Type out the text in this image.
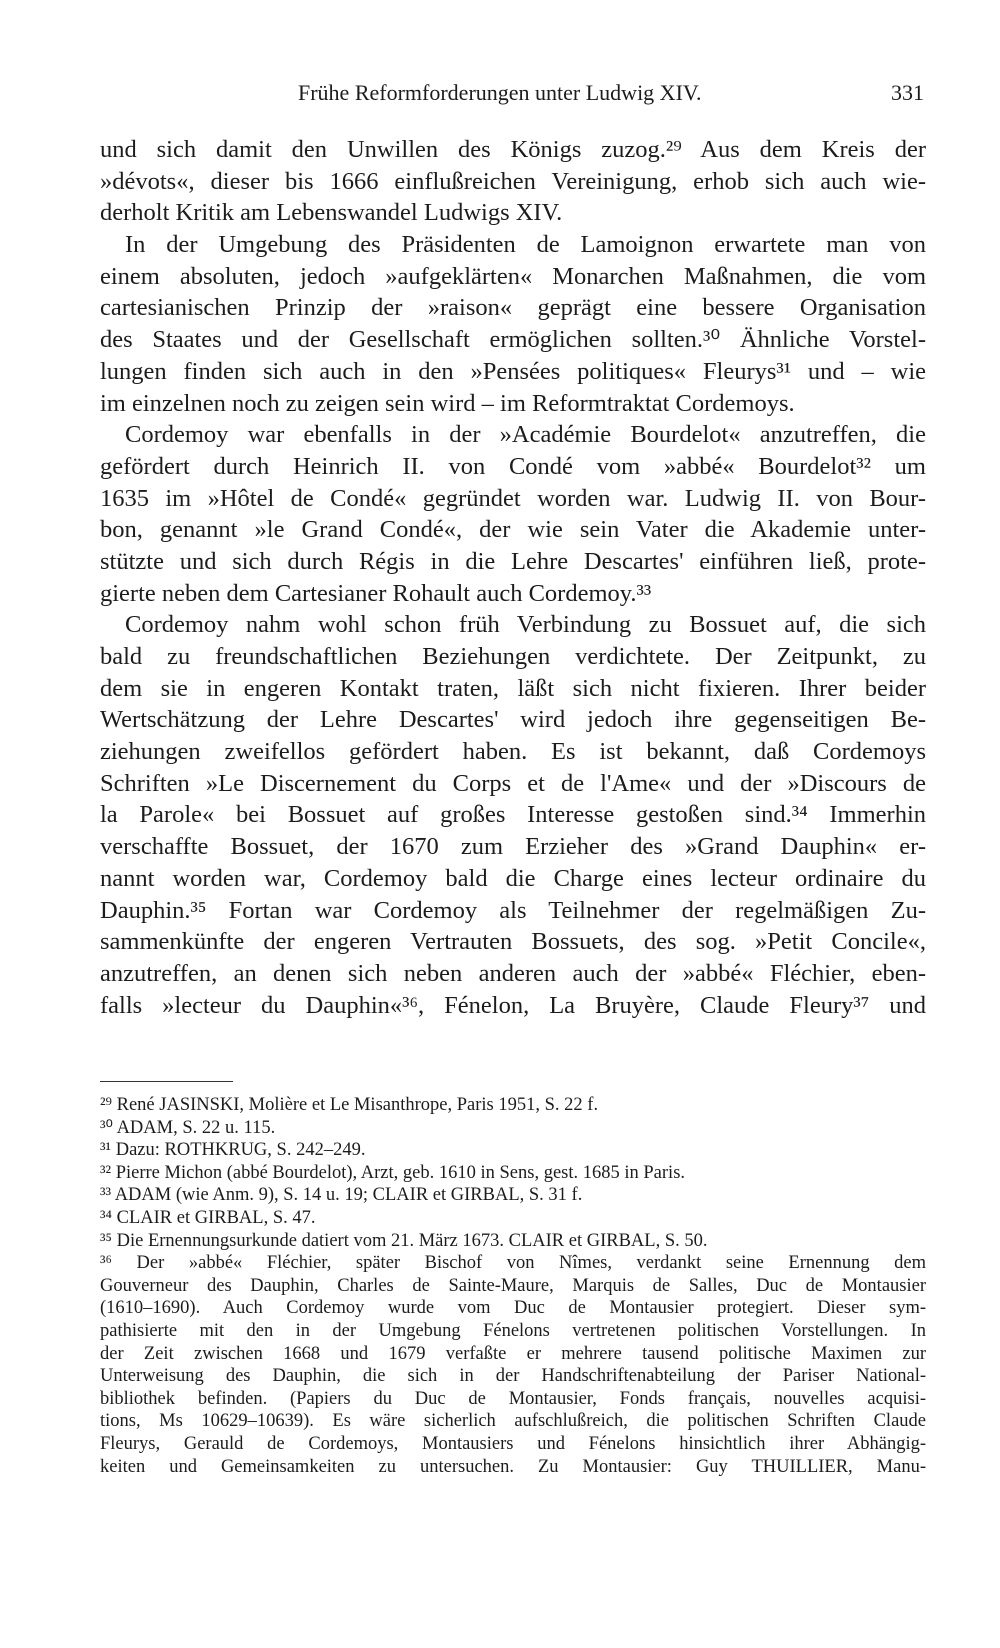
Frühe Reformforderungen unter Ludwig XIV.	331
und sich damit den Unwillen des Königs zuzog.²⁹ Aus dem Kreis der
»dévots«, dieser bis 1666 einflußreichen Vereinigung, erhob sich auch wie-
derholt Kritik am Lebenswandel Ludwigs XIV.
In der Umgebung des Präsidenten de Lamoignon erwartete man von
einem absoluten, jedoch »aufgeklärten« Monarchen Maßnahmen, die vom
cartesianischen Prinzip der »raison« geprägt eine bessere Organisation
des Staates und der Gesellschaft ermöglichen sollten.³⁰ Ähnliche Vorstel-
lungen finden sich auch in den »Pensées politiques« Fleurys³¹ und – wie
im einzelnen noch zu zeigen sein wird – im Reformtraktat Cordemoys.
Cordemoy war ebenfalls in der »Académie Bourdelot« anzutreffen, die
gefördert durch Heinrich II. von Condé vom »abbé« Bourdelot³² um
1635 im »Hôtel de Condé« gegründet worden war. Ludwig II. von Bour-
bon, genannt »le Grand Condé«, der wie sein Vater die Akademie unter-
stützte und sich durch Régis in die Lehre Descartes' einführen ließ, prote-
gierte neben dem Cartesianer Rohault auch Cordemoy.³³
Cordemoy nahm wohl schon früh Verbindung zu Bossuet auf, die sich
bald zu freundschaftlichen Beziehungen verdichtete. Der Zeitpunkt, zu
dem sie in engeren Kontakt traten, läßt sich nicht fixieren. Ihrer beider
Wertschätzung der Lehre Descartes' wird jedoch ihre gegenseitigen Be-
ziehungen zweifellos gefördert haben. Es ist bekannt, daß Cordemoys
Schriften »Le Discernement du Corps et de l'Ame« und der »Discours de
la Parole« bei Bossuet auf großes Interesse gestoßen sind.³⁴ Immerhin
verschaffte Bossuet, der 1670 zum Erzieher des »Grand Dauphin« er-
nannt worden war, Cordemoy bald die Charge eines lecteur ordinaire du
Dauphin.³⁵ Fortan war Cordemoy als Teilnehmer der regelmäßigen Zu-
sammenkünfte der engeren Vertrauten Bossuets, des sog. »Petit Concile«,
anzutreffen, an denen sich neben anderen auch der »abbé« Fléchier, eben-
falls »lecteur du Dauphin«³⁶, Fénelon, La Bruyère, Claude Fleury³⁷ und
²⁹ René JASINSKI, Molière et Le Misanthrope, Paris 1951, S. 22 f.
³⁰ ADAM, S. 22 u. 115.
³¹ Dazu: ROTHKRUG, S. 242–249.
³² Pierre Michon (abbé Bourdelot), Arzt, geb. 1610 in Sens, gest. 1685 in Paris.
³³ ADAM (wie Anm. 9), S. 14 u. 19; CLAIR et GIRBAL, S. 31 f.
³⁴ CLAIR et GIRBAL, S. 47.
³⁵ Die Ernennungsurkunde datiert vom 21. März 1673. CLAIR et GIRBAL, S. 50.
³⁶ Der »abbé« Fléchier, später Bischof von Nîmes, verdankt seine Ernennung dem
Gouverneur des Dauphin, Charles de Sainte-Maure, Marquis de Salles, Duc de Montausier
(1610–1690). Auch Cordemoy wurde vom Duc de Montausier protegiert. Dieser sym-
pathisierte mit den in der Umgebung Fénelons vertretenen politischen Vorstellungen. In
der Zeit zwischen 1668 und 1679 verfaßte er mehrere tausend politische Maximen zur
Unterweisung des Dauphin, die sich in der Handschriftenabteilung der Pariser National-
bibliothek befinden. (Papiers du Duc de Montausier, Fonds français, nouvelles acquisi-
tions, Ms 10629–10639). Es wäre sicherlich aufschlußreich, die politischen Schriften Claude
Fleurys, Gerauld de Cordemoys, Montausiers und Fénelons hinsichtlich ihrer Abhängig-
keiten und Gemeinsamkeiten zu untersuchen. Zu Montausier: Guy THUILLIER, Manu-
